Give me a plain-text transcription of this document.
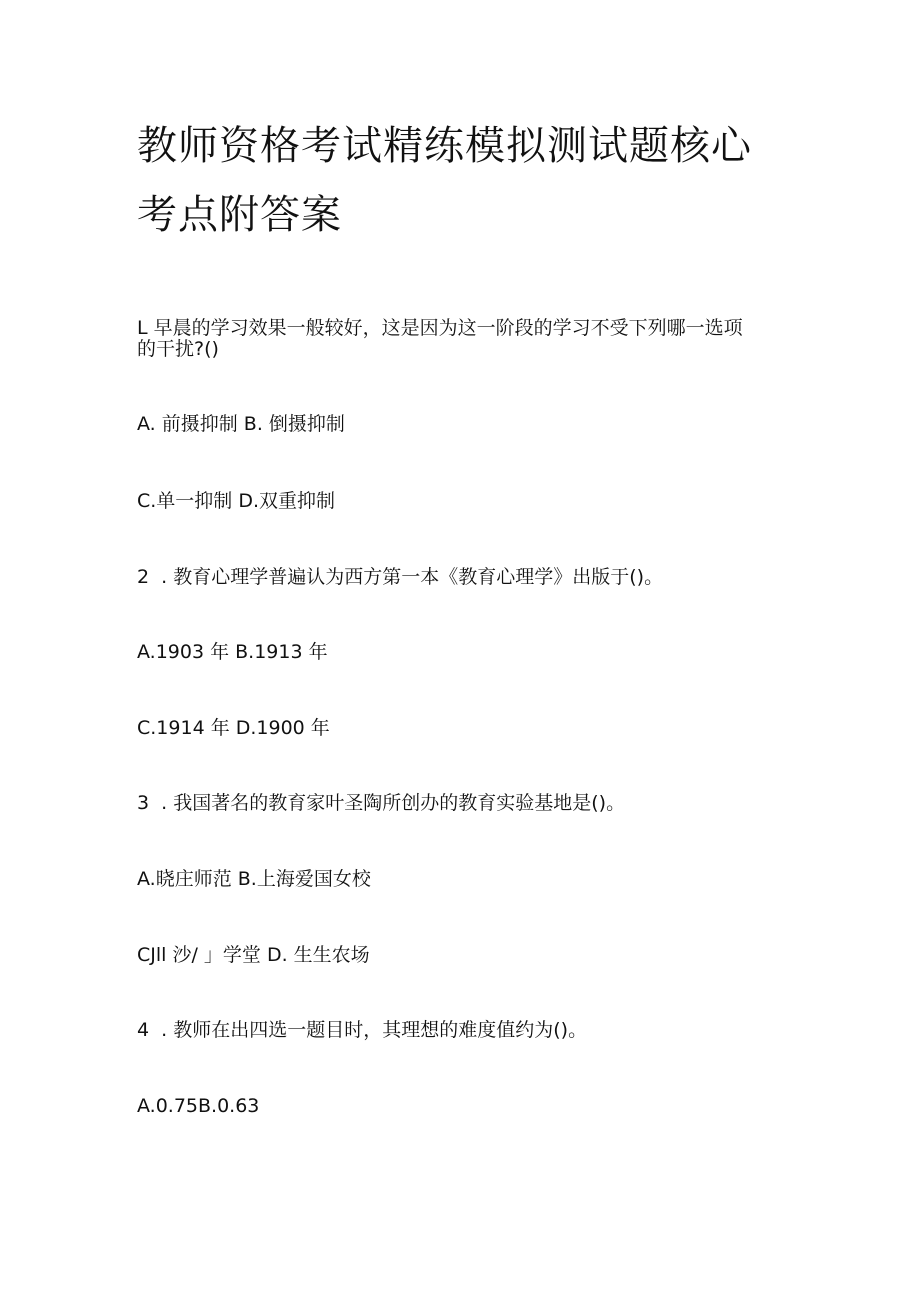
教师资格考试精练模拟测试题核心
考点附答案
L 早晨的学习效果一般较好，这是因为这一阶段的学习不受下列哪一选项
的干扰?()
A. 前摄抑制 B. 倒摄抑制
C.单一抑制 D.双重抑制
2  . 教育心理学普遍认为西方第一本《教育心理学》出版于()。
A.1903 年 B.1913 年
C.1914 年 D.1900 年
3  . 我国著名的教育家叶圣陶所创办的教育实验基地是()。
A.晓庄师范 B.上海爱国女校
CJll 沙/ 」学堂 D. 生生农场
4  . 教师在出四选一题目时，其理想的难度值约为()。
A.0.75B.0.63
